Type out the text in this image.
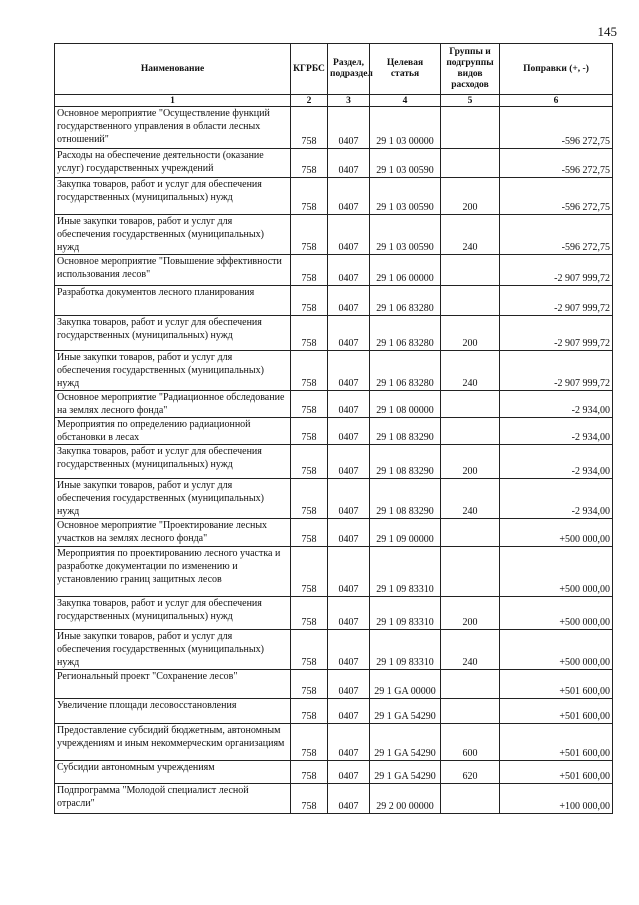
145
Наименование	КГРБС	Раздел, подраздел	Целевая статья	Группы и подгруппы видов расходов	Поправки (+, -)
1	2	3	4	5	6
Основное мероприятие "Осуществление функций государственного управления в области лесных отношений"	758	0407	29 1 03 00000		-596 272,75
Расходы на обеспечение деятельности (оказание услуг) государственных учреждений	758	0407	29 1 03 00590		-596 272,75
Закупка товаров, работ и услуг для обеспечения государственных (муниципальных) нужд	758	0407	29 1 03 00590	200	-596 272,75
Иные закупки товаров, работ и услуг для обеспечения государственных (муниципальных) нужд	758	0407	29 1 03 00590	240	-596 272,75
Основное мероприятие "Повышение эффективности использования лесов"	758	0407	29 1 06 00000		-2 907 999,72
Разработка документов лесного планирования	758	0407	29 1 06 83280		-2 907 999,72
Закупка товаров, работ и услуг для обеспечения государственных (муниципальных) нужд	758	0407	29 1 06 83280	200	-2 907 999,72
Иные закупки товаров, работ и услуг для обеспечения государственных (муниципальных) нужд	758	0407	29 1 06 83280	240	-2 907 999,72
Основное мероприятие "Радиационное обследование на землях лесного фонда"	758	0407	29 1 08 00000		-2 934,00
Мероприятия по определению радиационной обстановки в лесах	758	0407	29 1 08 83290		-2 934,00
Закупка товаров, работ и услуг для обеспечения государственных (муниципальных) нужд	758	0407	29 1 08 83290	200	-2 934,00
Иные закупки товаров, работ и услуг для обеспечения государственных (муниципальных) нужд	758	0407	29 1 08 83290	240	-2 934,00
Основное мероприятие "Проектирование лесных участков на землях лесного фонда"	758	0407	29 1 09 00000		+500 000,00
Мероприятия по проектированию лесного участка и разработке документации по изменению и установлению границ защитных лесов	758	0407	29 1 09 83310		+500 000,00
Закупка товаров, работ и услуг для обеспечения государственных (муниципальных) нужд	758	0407	29 1 09 83310	200	+500 000,00
Иные закупки товаров, работ и услуг для обеспечения государственных (муниципальных) нужд	758	0407	29 1 09 83310	240	+500 000,00
Региональный проект "Сохранение лесов"	758	0407	29 1 GA 00000		+501 600,00
Увеличение площади лесовосстановления	758	0407	29 1 GA 54290		+501 600,00
Предоставление субсидий бюджетным, автономным учреждениям и иным некоммерческим организациям	758	0407	29 1 GA 54290	600	+501 600,00
Субсидии автономным учреждениям	758	0407	29 1 GA 54290	620	+501 600,00
Подпрограмма "Молодой специалист лесной отрасли"	758	0407	29 2 00 00000		+100 000,00
